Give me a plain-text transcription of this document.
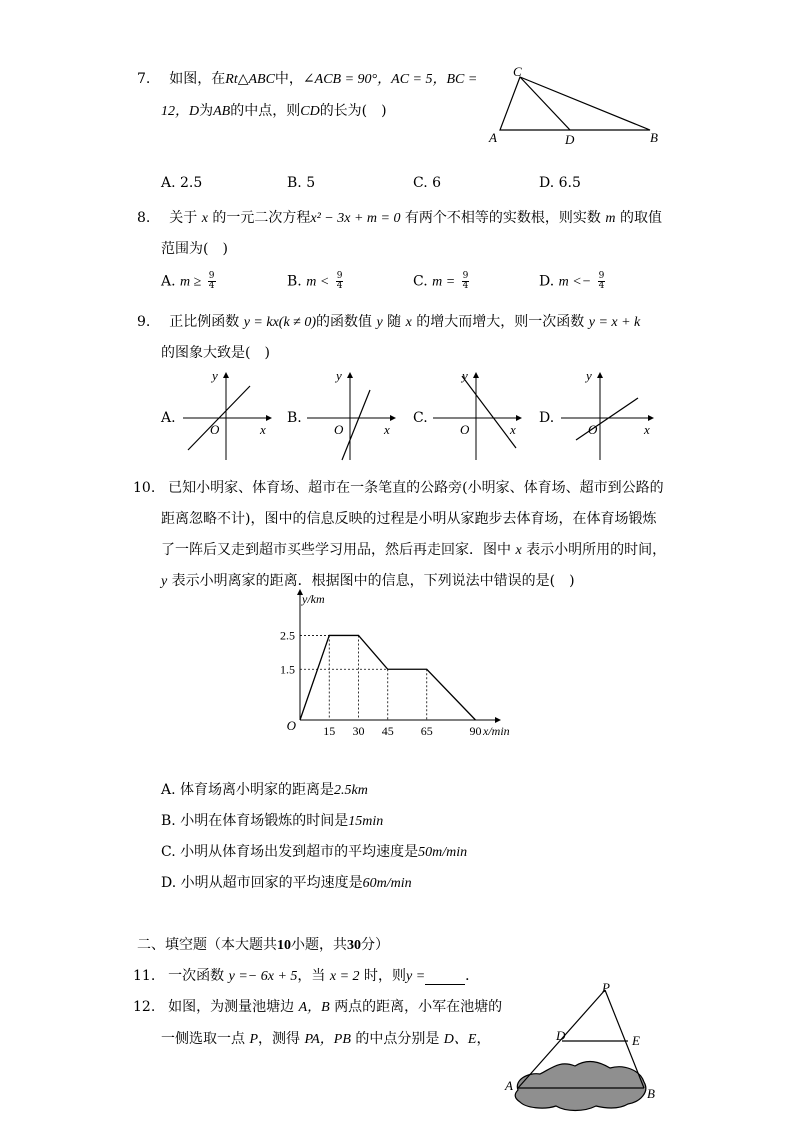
7. 如图，在Rt△ABC中，∠ACB = 90°，AC = 5，BC =
12，D为AB的中点，则CD的长为(　)
C
A	D	B
A. 2.5	B. 5	C. 6	D. 6.5
8. 关于 x 的一元二次方程x² − 3x + m = 0 有两个不相等的实数根，则实数 m 的取值
范围为(　)
A. $m \ge \frac{9}{4}$	B. $m < \frac{9}{4}$	C. $m = \frac{9}{4}$	D. $m <- \frac{9}{4}$
9. 正比例函数 y = kx(k ≠ 0)的函数值 y 随 x 的增大而增大，则一次函数 y = x + k
的图象大致是(　)
A.
y
O	x
B.
y
O	x
C.
y
O	x
D.
y
O	x
10. 已知小明家、体育场、超市在一条笔直的公路旁(小明家、体育场、超市到公路的
距离忽略不计)，图中的信息反映的过程是小明从家跑步去体育场，在体育场锻炼
了一阵后又走到超市买些学习用品，然后再走回家．图中 x 表示小明所用的时间，
y 表示小明离家的距离．根据图中的信息，下列说法中错误的是(　)
15 30 45 65	90
2.5
1.5
O	x/min
y/km
A. 体育场离小明家的距离是2.5km
B. 小明在体育场锻炼的时间是15min
C. 小明从体育场出发到超市的平均速度是50m/min
D. 小明从超市回家的平均速度是60m/min
二、填空题（本大题共10小题，共30分）
11. 一次函数 y =− 6x + 5，当 x = 2 时，则y =	．
12. 如图，为测量池塘边 A，B 两点的距离，小军在池塘的
一侧选取一点 P，测得 PA，PB 的中点分别是 D、E，
P
D	E
A
B
